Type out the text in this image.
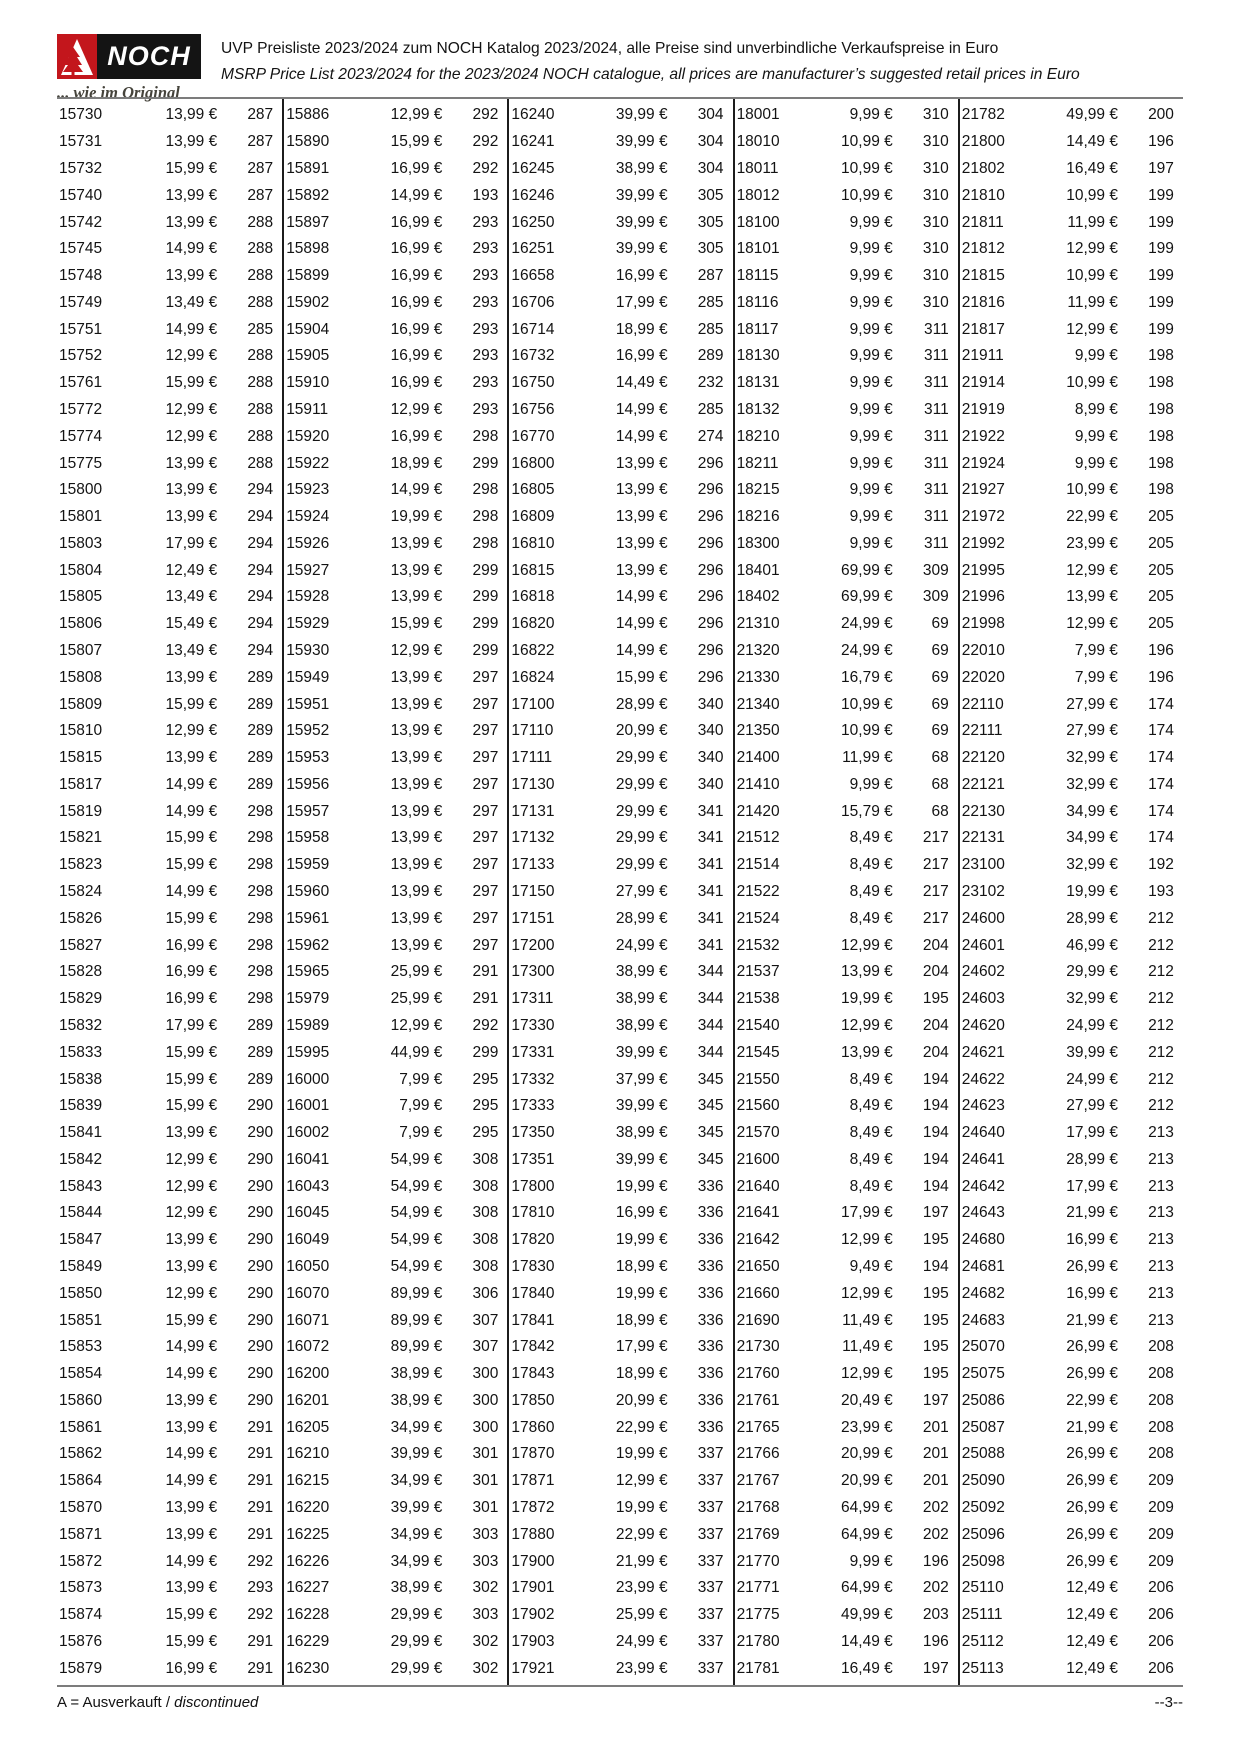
NOCH
... wie im Original
UVP Preisliste 2023/2024 zum NOCH Katalog 2023/2024, alle Preise sind unverbindliche Verkaufspreise in Euro
MSRP Price List 2023/2024 for the 2023/2024 NOCH catalogue, all prices are manufacturer’s suggested retail prices in Euro
15730	13,99 €	287
15731	13,99 €	287
15732	15,99 €	287
15740	13,99 €	287
15742	13,99 €	288
15745	14,99 €	288
15748	13,99 €	288
15749	13,49 €	288
15751	14,99 €	285
15752	12,99 €	288
15761	15,99 €	288
15772	12,99 €	288
15774	12,99 €	288
15775	13,99 €	288
15800	13,99 €	294
15801	13,99 €	294
15803	17,99 €	294
15804	12,49 €	294
15805	13,49 €	294
15806	15,49 €	294
15807	13,49 €	294
15808	13,99 €	289
15809	15,99 €	289
15810	12,99 €	289
15815	13,99 €	289
15817	14,99 €	289
15819	14,99 €	298
15821	15,99 €	298
15823	15,99 €	298
15824	14,99 €	298
15826	15,99 €	298
15827	16,99 €	298
15828	16,99 €	298
15829	16,99 €	298
15832	17,99 €	289
15833	15,99 €	289
15838	15,99 €	289
15839	15,99 €	290
15841	13,99 €	290
15842	12,99 €	290
15843	12,99 €	290
15844	12,99 €	290
15847	13,99 €	290
15849	13,99 €	290
15850	12,99 €	290
15851	15,99 €	290
15853	14,99 €	290
15854	14,99 €	290
15860	13,99 €	290
15861	13,99 €	291
15862	14,99 €	291
15864	14,99 €	291
15870	13,99 €	291
15871	13,99 €	291
15872	14,99 €	292
15873	13,99 €	293
15874	15,99 €	292
15876	15,99 €	291
15879	16,99 €	291
15886	12,99 €	292
15890	15,99 €	292
15891	16,99 €	292
15892	14,99 €	193
15897	16,99 €	293
15898	16,99 €	293
15899	16,99 €	293
15902	16,99 €	293
15904	16,99 €	293
15905	16,99 €	293
15910	16,99 €	293
15911	12,99 €	293
15920	16,99 €	298
15922	18,99 €	299
15923	14,99 €	298
15924	19,99 €	298
15926	13,99 €	298
15927	13,99 €	299
15928	13,99 €	299
15929	15,99 €	299
15930	12,99 €	299
15949	13,99 €	297
15951	13,99 €	297
15952	13,99 €	297
15953	13,99 €	297
15956	13,99 €	297
15957	13,99 €	297
15958	13,99 €	297
15959	13,99 €	297
15960	13,99 €	297
15961	13,99 €	297
15962	13,99 €	297
15965	25,99 €	291
15979	25,99 €	291
15989	12,99 €	292
15995	44,99 €	299
16000	7,99 €	295
16001	7,99 €	295
16002	7,99 €	295
16041	54,99 €	308
16043	54,99 €	308
16045	54,99 €	308
16049	54,99 €	308
16050	54,99 €	308
16070	89,99 €	306
16071	89,99 €	307
16072	89,99 €	307
16200	38,99 €	300
16201	38,99 €	300
16205	34,99 €	300
16210	39,99 €	301
16215	34,99 €	301
16220	39,99 €	301
16225	34,99 €	303
16226	34,99 €	303
16227	38,99 €	302
16228	29,99 €	303
16229	29,99 €	302
16230	29,99 €	302
16240	39,99 €	304
16241	39,99 €	304
16245	38,99 €	304
16246	39,99 €	305
16250	39,99 €	305
16251	39,99 €	305
16658	16,99 €	287
16706	17,99 €	285
16714	18,99 €	285
16732	16,99 €	289
16750	14,49 €	232
16756	14,99 €	285
16770	14,99 €	274
16800	13,99 €	296
16805	13,99 €	296
16809	13,99 €	296
16810	13,99 €	296
16815	13,99 €	296
16818	14,99 €	296
16820	14,99 €	296
16822	14,99 €	296
16824	15,99 €	296
17100	28,99 €	340
17110	20,99 €	340
17111	29,99 €	340
17130	29,99 €	340
17131	29,99 €	341
17132	29,99 €	341
17133	29,99 €	341
17150	27,99 €	341
17151	28,99 €	341
17200	24,99 €	341
17300	38,99 €	344
17311	38,99 €	344
17330	38,99 €	344
17331	39,99 €	344
17332	37,99 €	345
17333	39,99 €	345
17350	38,99 €	345
17351	39,99 €	345
17800	19,99 €	336
17810	16,99 €	336
17820	19,99 €	336
17830	18,99 €	336
17840	19,99 €	336
17841	18,99 €	336
17842	17,99 €	336
17843	18,99 €	336
17850	20,99 €	336
17860	22,99 €	336
17870	19,99 €	337
17871	12,99 €	337
17872	19,99 €	337
17880	22,99 €	337
17900	21,99 €	337
17901	23,99 €	337
17902	25,99 €	337
17903	24,99 €	337
17921	23,99 €	337
18001	9,99 €	310
18010	10,99 €	310
18011	10,99 €	310
18012	10,99 €	310
18100	9,99 €	310
18101	9,99 €	310
18115	9,99 €	310
18116	9,99 €	310
18117	9,99 €	311
18130	9,99 €	311
18131	9,99 €	311
18132	9,99 €	311
18210	9,99 €	311
18211	9,99 €	311
18215	9,99 €	311
18216	9,99 €	311
18300	9,99 €	311
18401	69,99 €	309
18402	69,99 €	309
21310	24,99 €	69
21320	24,99 €	69
21330	16,79 €	69
21340	10,99 €	69
21350	10,99 €	69
21400	11,99 €	68
21410	9,99 €	68
21420	15,79 €	68
21512	8,49 €	217
21514	8,49 €	217
21522	8,49 €	217
21524	8,49 €	217
21532	12,99 €	204
21537	13,99 €	204
21538	19,99 €	195
21540	12,99 €	204
21545	13,99 €	204
21550	8,49 €	194
21560	8,49 €	194
21570	8,49 €	194
21600	8,49 €	194
21640	8,49 €	194
21641	17,99 €	197
21642	12,99 €	195
21650	9,49 €	194
21660	12,99 €	195
21690	11,49 €	195
21730	11,49 €	195
21760	12,99 €	195
21761	20,49 €	197
21765	23,99 €	201
21766	20,99 €	201
21767	20,99 €	201
21768	64,99 €	202
21769	64,99 €	202
21770	9,99 €	196
21771	64,99 €	202
21775	49,99 €	203
21780	14,49 €	196
21781	16,49 €	197
21782	49,99 €	200
21800	14,49 €	196
21802	16,49 €	197
21810	10,99 €	199
21811	11,99 €	199
21812	12,99 €	199
21815	10,99 €	199
21816	11,99 €	199
21817	12,99 €	199
21911	9,99 €	198
21914	10,99 €	198
21919	8,99 €	198
21922	9,99 €	198
21924	9,99 €	198
21927	10,99 €	198
21972	22,99 €	205
21992	23,99 €	205
21995	12,99 €	205
21996	13,99 €	205
21998	12,99 €	205
22010	7,99 €	196
22020	7,99 €	196
22110	27,99 €	174
22111	27,99 €	174
22120	32,99 €	174
22121	32,99 €	174
22130	34,99 €	174
22131	34,99 €	174
23100	32,99 €	192
23102	19,99 €	193
24600	28,99 €	212
24601	46,99 €	212
24602	29,99 €	212
24603	32,99 €	212
24620	24,99 €	212
24621	39,99 €	212
24622	24,99 €	212
24623	27,99 €	212
24640	17,99 €	213
24641	28,99 €	213
24642	17,99 €	213
24643	21,99 €	213
24680	16,99 €	213
24681	26,99 €	213
24682	16,99 €	213
24683	21,99 €	213
25070	26,99 €	208
25075	26,99 €	208
25086	22,99 €	208
25087	21,99 €	208
25088	26,99 €	208
25090	26,99 €	209
25092	26,99 €	209
25096	26,99 €	209
25098	26,99 €	209
25110	12,49 €	206
25111	12,49 €	206
25112	12,49 €	206
25113	12,49 €	206
A = Ausverkauft / discontinued	--3--
